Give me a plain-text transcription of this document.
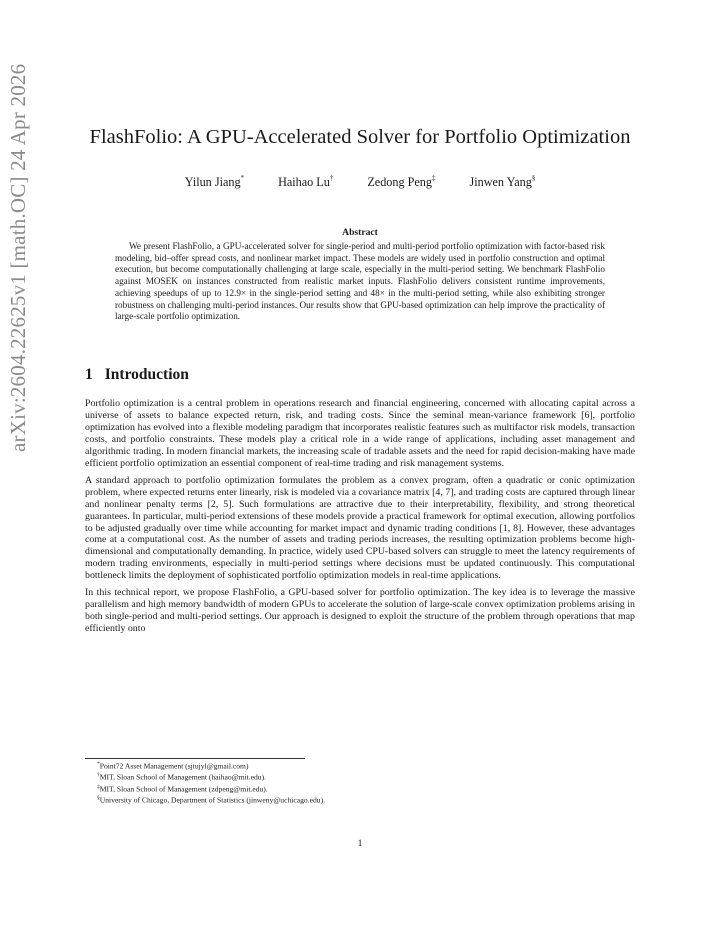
arXiv:2604.22625v1 [math.OC] 24 Apr 2026	FlashFolio: A GPU-Accelerated Solver for Portfolio Optimization
Yilun Jiang*	Haihao Lu†	Zedong Peng‡	Jinwen Yang§
Abstract
We present FlashFolio, a GPU-accelerated solver for single-period and multi-period portfolio optimization with factor-based risk modeling, bid–offer spread costs, and nonlinear market impact. These models are widely used in portfolio construction and optimal execution, but become computationally challenging at large scale, especially in the multi-period setting. We benchmark FlashFolio against MOSEK on instances constructed from realistic market inputs. FlashFolio delivers consistent runtime improvements, achieving speedups of up to 12.9× in the single-period setting and 48× in the multi-period setting, while also exhibiting stronger robustness on challenging multi-period instances. Our results show that GPU-based optimization can help improve the practicality of large-scale portfolio optimization.
1 Introduction

Portfolio optimization is a central problem in operations research and financial engineering, concerned with allocating capital across a universe of assets to balance expected return, risk, and trading costs. Since the seminal mean-variance framework [6], portfolio optimization has evolved into a flexible modeling paradigm that incorporates realistic features such as multifactor risk models, transaction costs, and portfolio constraints. These models play a critical role in a wide range of applications, including asset management and algorithmic trading. In modern financial markets, the increasing scale of tradable assets and the need for rapid decision-making have made efficient portfolio optimization an essential component of real-time trading and risk management systems.

A standard approach to portfolio optimization formulates the problem as a convex program, often a quadratic or conic optimization problem, where expected returns enter linearly, risk is modeled via a covariance matrix [4, 7], and trading costs are captured through linear and nonlinear penalty terms [2, 5]. Such formulations are attractive due to their interpretability, flexibility, and strong theoretical guarantees. In particular, multi-period extensions of these models provide a practical framework for optimal execution, allowing portfolios to be adjusted gradually over time while accounting for market impact and dynamic trading conditions [1, 8]. However, these advantages come at a computational cost. As the number of assets and trading periods increases, the resulting optimization problems become high-dimensional and computationally demanding. In practice, widely used CPU-based solvers can struggle to meet the latency requirements of modern trading environments, especially in multi-period settings where decisions must be updated continuously. This computational bottleneck limits the deployment of sophisticated portfolio optimization models in real-time applications.

In this technical report, we propose FlashFolio, a GPU-based solver for portfolio optimization. The key idea is to leverage the massive parallelism and high memory bandwidth of modern GPUs to accelerate the solution of large-scale convex optimization problems arising in both single-period and multi-period settings. Our approach is designed to exploit the structure of the problem through operations that map efficiently onto

*Point72 Asset Management (sjtujyl@gmail.com)
†MIT, Sloan School of Management (haihao@mit.edu).
‡MIT, Sloan School of Management (zdpeng@mit.edu).
§University of Chicago, Department of Statistics (jinweny@uchicago.edu).
1
